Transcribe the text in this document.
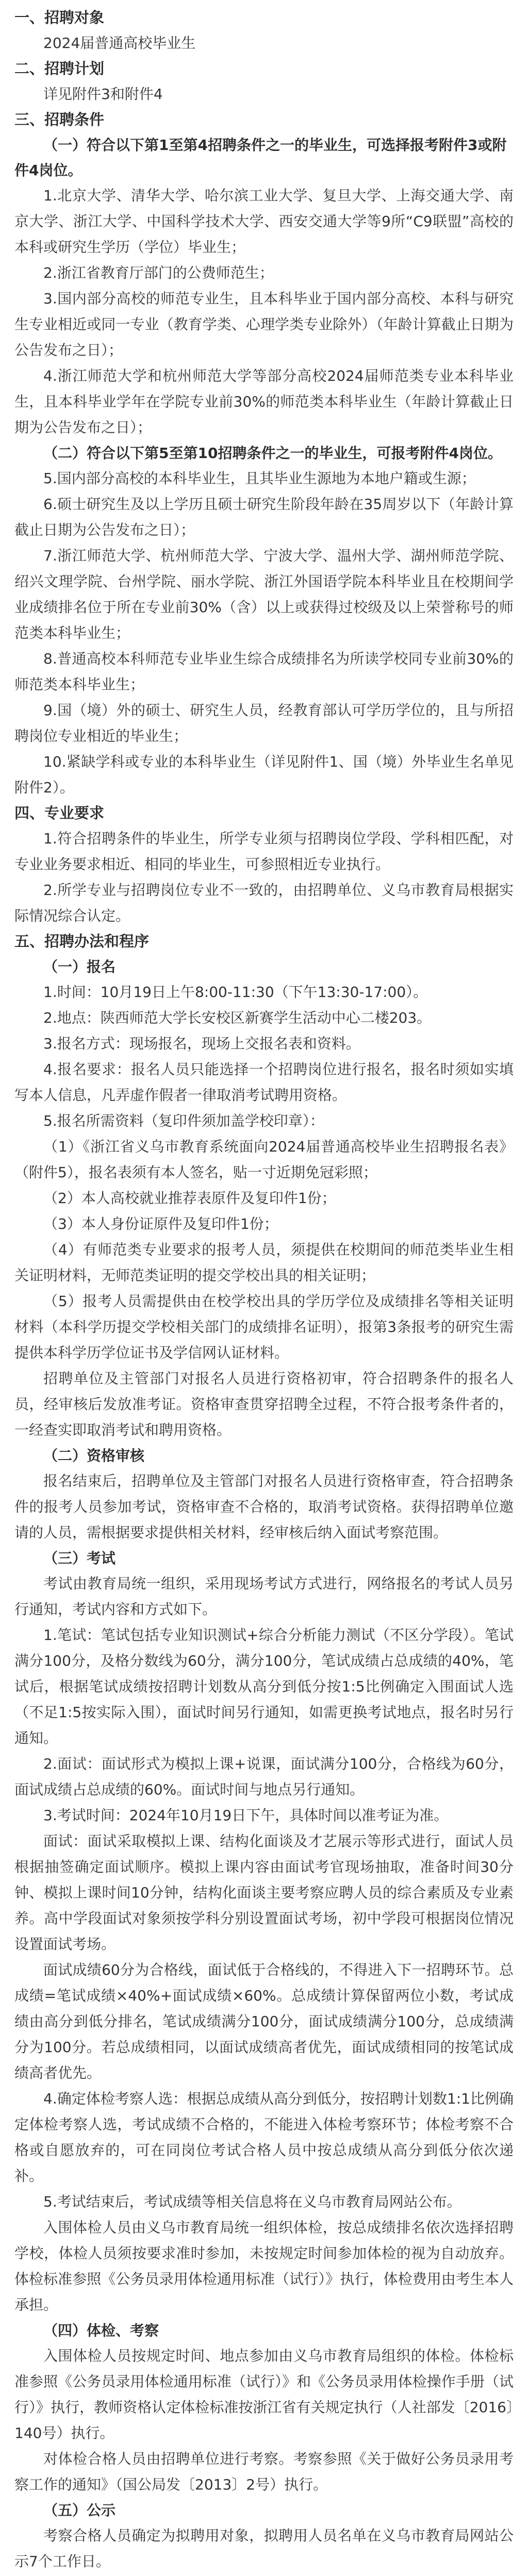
一、招聘对象

2024届普通高校毕业生

二、招聘计划

详见附件3和附件4

三、招聘条件

（一）符合以下第1至第4招聘条件之一的毕业生，可选择报考附件3或附件4岗位。

1.北京大学、清华大学、哈尔滨工业大学、复旦大学、上海交通大学、南京大学、浙江大学、中国科学技术大学、西安交通大学等9所“C9联盟”高校的本科或研究生学历（学位）毕业生；

2.浙江省教育厅部门的公费师范生；

3.国内部分高校的师范专业生，且本科毕业于国内部分高校、本科与研究生专业相近或同一专业（教育学类、心理学类专业除外）（年龄计算截止日期为公告发布之日）；

4.浙江师范大学和杭州师范大学等部分高校2024届师范类专业本科毕业生，且本科毕业学年在学院专业前30%的师范类本科毕业生（年龄计算截止日期为公告发布之日）；

（二）符合以下第5至第10招聘条件之一的毕业生，可报考附件4岗位。

5.国内部分高校的本科毕业生，且其毕业生源地为本地户籍或生源；

6.硕士研究生及以上学历且硕士研究生阶段年龄在35周岁以下（年龄计算截止日期为公告发布之日）；

7.浙江师范大学、杭州师范大学、宁波大学、温州大学、湖州师范学院、绍兴文理学院、台州学院、丽水学院、浙江外国语学院本科毕业且在校期间学业成绩排名位于所在专业前30%（含）以上或获得过校级及以上荣誉称号的师范类本科毕业生；

8.普通高校本科师范专业毕业生综合成绩排名为所读学校同专业前30%的师范类本科毕业生；

9.国（境）外的硕士、研究生人员，经教育部认可学历学位的，且与所招聘岗位专业相近的毕业生；

10.紧缺学科或专业的本科毕业生（详见附件1、国（境）外毕业生名单见附件2）。

四、专业要求

1.符合招聘条件的毕业生，所学专业须与招聘岗位学段、学科相匹配，对专业业务要求相近、相同的毕业生，可参照相近专业执行。

2.所学专业与招聘岗位专业不一致的，由招聘单位、义乌市教育局根据实际情况综合认定。

五、招聘办法和程序

（一）报名

1.时间：10月19日上午8:00-11:30（下午13:30-17:00）。

2.地点：陕西师范大学长安校区新赛学生活动中心二楼203。

3.报名方式：现场报名，现场上交报名表和资料。

4.报名要求：报名人员只能选择一个招聘岗位进行报名，报名时须如实填写本人信息，凡弄虚作假者一律取消考试聘用资格。

5.报名所需资料（复印件须加盖学校印章）：

（1）《浙江省义乌市教育系统面向2024届普通高校毕业生招聘报名表》（附件5），报名表须有本人签名，贴一寸近期免冠彩照；

（2）本人高校就业推荐表原件及复印件1份；

（3）本人身份证原件及复印件1份；

（4）有师范类专业要求的报考人员，须提供在校期间的师范类毕业生相关证明材料，无师范类证明的提交学校出具的相关证明；

（5）报考人员需提供由在校学校出具的学历学位及成绩排名等相关证明材料（本科学历提交学校相关部门的成绩排名证明），报第3条报考的研究生需提供本科学历学位证书及学信网认证材料。

招聘单位及主管部门对报名人员进行资格初审，符合招聘条件的报名人员，经审核后发放准考证。资格审查贯穿招聘全过程，不符合报考条件者的，一经查实即取消考试和聘用资格。

（二）资格审核

报名结束后，招聘单位及主管部门对报名人员进行资格审查，符合招聘条件的报考人员参加考试，资格审查不合格的，取消考试资格。获得招聘单位邀请的人员，需根据要求提供相关材料，经审核后纳入面试考察范围。

（三）考试

考试由教育局统一组织，采用现场考试方式进行，网络报名的考试人员另行通知，考试内容和方式如下。

1.笔试：笔试包括专业知识测试+综合分析能力测试（不区分学段）。笔试满分100分，及格分数线为60分，满分100分，笔试成绩占总成绩的40%，笔试后，根据笔试成绩按招聘计划数从高分到低分按1:5比例确定入围面试人选（不足1:5按实际入围），面试时间另行通知，如需更换考试地点，报名时另行通知。

2.面试：面试形式为模拟上课+说课，面试满分100分，合格线为60分，面试成绩占总成绩的60%。面试时间与地点另行通知。

3.考试时间：2024年10月19日下午，具体时间以准考证为准。

面试：面试采取模拟上课、结构化面谈及才艺展示等形式进行，面试人员根据抽签确定面试顺序。模拟上课内容由面试考官现场抽取，准备时间30分钟、模拟上课时间10分钟，结构化面谈主要考察应聘人员的综合素质及专业素养。高中学段面试对象须按学科分别设置面试考场，初中学段可根据岗位情况设置面试考场。

面试成绩60分为合格线，面试低于合格线的，不得进入下一招聘环节。总成绩=笔试成绩×40%+面试成绩×60%。总成绩计算保留两位小数，考试成绩由高分到低分排名，笔试成绩满分100分，面试成绩满分100分，总成绩满分为100分。若总成绩相同，以面试成绩高者优先，面试成绩相同的按笔试成绩高者优先。

4.确定体检考察人选：根据总成绩从高分到低分，按招聘计划数1:1比例确定体检考察人选，考试成绩不合格的，不能进入体检考察环节；体检考察不合格或自愿放弃的，可在同岗位考试合格人员中按总成绩从高分到低分依次递补。

5.考试结束后，考试成绩等相关信息将在义乌市教育局网站公布。

入围体检人员由义乌市教育局统一组织体检，按总成绩排名依次选择招聘学校，体检人员须按要求准时参加，未按规定时间参加体检的视为自动放弃。体检标准参照《公务员录用体检通用标准（试行）》执行，体检费用由考生本人承担。

（四）体检、考察

入围体检人员按规定时间、地点参加由义乌市教育局组织的体检。体检标准参照《公务员录用体检通用标准（试行）》和《公务员录用体检操作手册（试行）》执行，教师资格认定体检标准按浙江省有关规定执行（人社部发〔2016〕140号）执行。

对体检合格人员由招聘单位进行考察。考察参照《关于做好公务员录用考察工作的通知》（国公局发〔2013〕2号）执行。

（五）公示

考察合格人员确定为拟聘用对象，拟聘用人员名单在义乌市教育局网站公示7个工作日。
